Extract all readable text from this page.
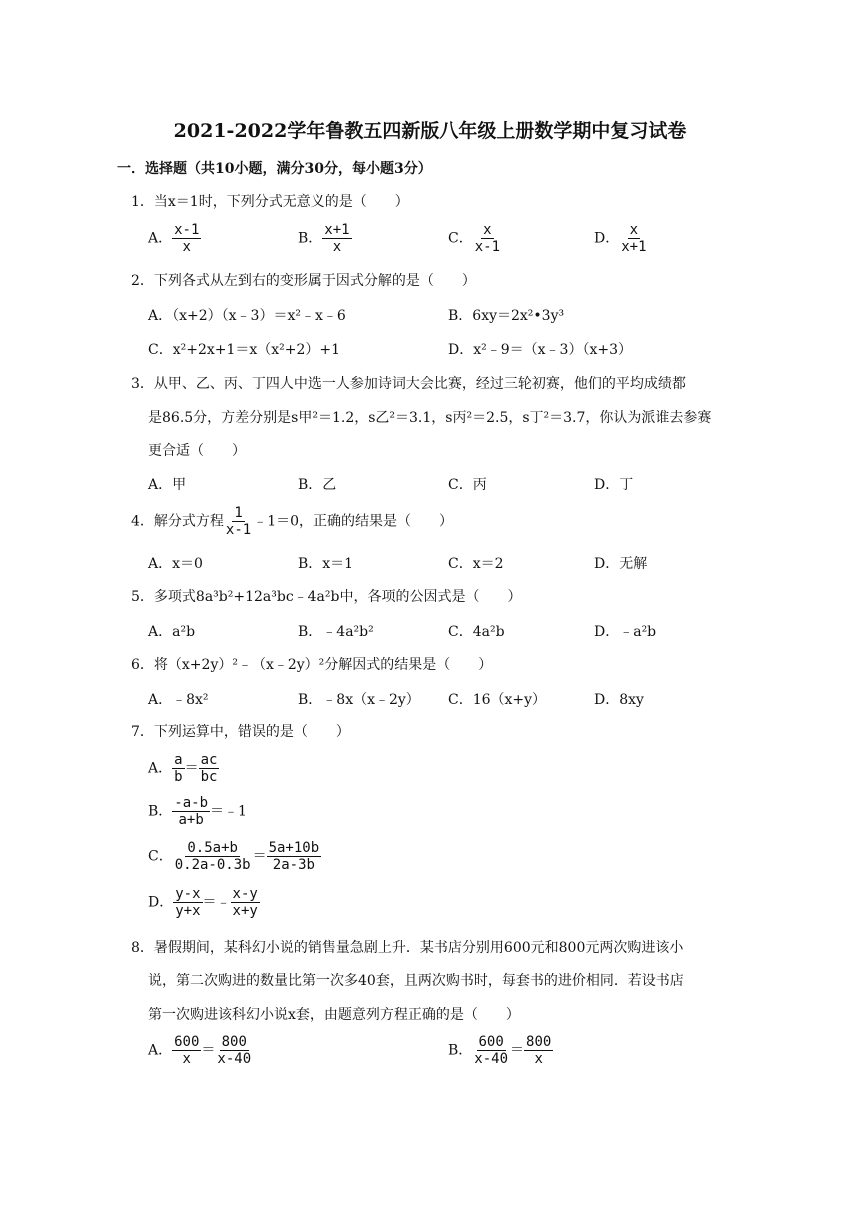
2021-2022学年鲁教五四新版八年级上册数学期中复习试卷
一．选择题（共10小题，满分30分，每小题3分）
1．当x＝1时，下列分式无意义的是（　　）
A． $\frac{x-1}{x}$	B． $\frac{x+1}{x}$	C． $\frac{x}{x-1}$	D． $\frac{x}{x+1}$
2．下列各式从左到右的变形属于因式分解的是（　　）
A．（x+2）（x﹣3）＝x²﹣x﹣6	B．6xy＝2x²•3y³
C．x²+2x+1＝x（x²+2）+1	D．x²﹣9＝（x﹣3）（x+3）
3．从甲、乙、丙、丁四人中选一人参加诗词大会比赛，经过三轮初赛，他们的平均成绩都
是86.5分，方差分别是s甲²＝1.2，s乙²＝3.1，s丙²＝2.5，s丁²＝3.7，你认为派谁去参赛
更合适（　　）
A．甲	B．乙	C．丙	D．丁
4．解分式方程 $\frac{1}{x-1}$ ﹣1＝0，正确的结果是（　　）
A．x＝0	B．x＝1	C．x＝2	D．无解
5．多项式8a³b²+12a³bc﹣4a²b中，各项的公因式是（　　）
A．a²b	B．﹣4a²b²	C．4a²b	D．﹣a²b
6．将（x+2y）²﹣（x﹣2y）²分解因式的结果是（　　）
A．﹣8x²	B．﹣8x（x﹣2y） C．16（x+y）	D．8xy
7．下列运算中，错误的是（　　）
A． $\frac{a}{b} = \frac{ac}{bc}$
B． $\frac{-a-b}{a+b}$ ＝﹣1
C． $\frac{0.5a+b}{0.2a-0.3b} = \frac{5a+10b}{2a-3b}$
D． $\frac{y-x}{y+x}$ ＝﹣ $\frac{x-y}{x+y}$
8．暑假期间，某科幻小说的销售量急剧上升．某书店分别用600元和800元两次购进该小
说，第二次购进的数量比第一次多40套，且两次购书时，每套书的进价相同．若设书店
第一次购进该科幻小说x套，由题意列方程正确的是（　　）
A． $\frac{600}{x} = \frac{800}{x-40}$	B． $\frac{600}{x-40} = \frac{800}{x}$
